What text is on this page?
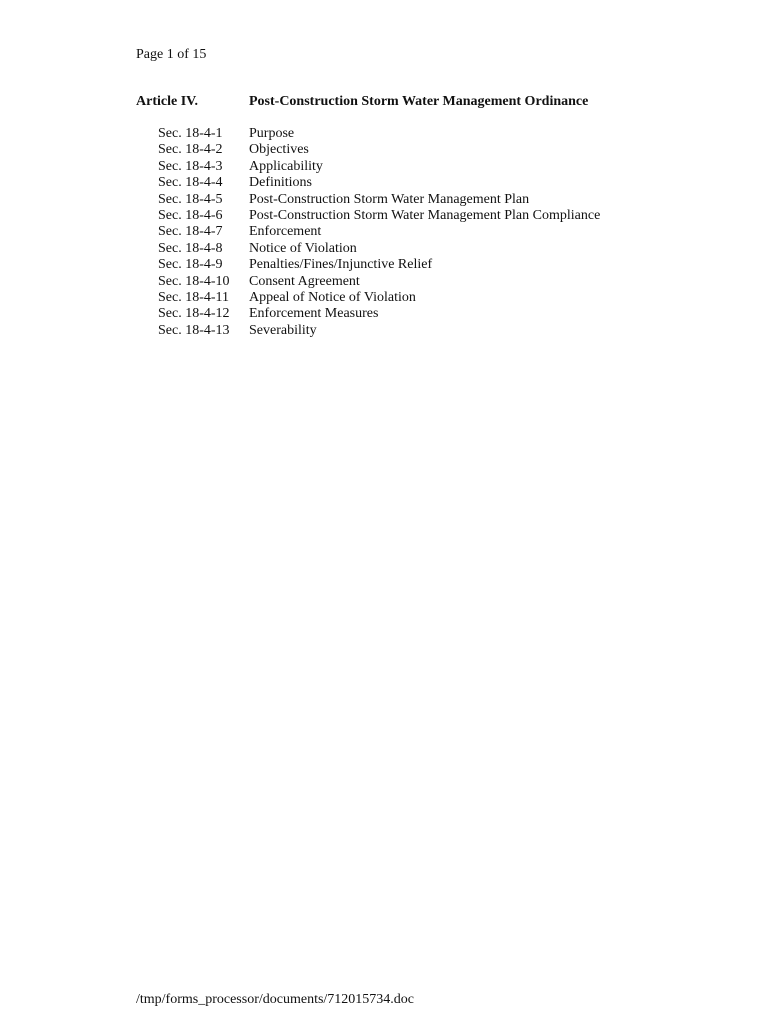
Page 1 of 15
Article IV.	Post-Construction Storm Water Management Ordinance
Sec. 18-4-1 Purpose
Sec. 18-4-2 Objectives
Sec. 18-4-3 Applicability
Sec. 18-4-4 Definitions
Sec. 18-4-5 Post-Construction Storm Water Management Plan
Sec. 18-4-6 Post-Construction Storm Water Management Plan Compliance
Sec. 18-4-7 Enforcement
Sec. 18-4-8 Notice of Violation
Sec. 18-4-9 Penalties/Fines/Injunctive Relief
Sec. 18-4-10 Consent Agreement
Sec. 18-4-11 Appeal of Notice of Violation
Sec. 18-4-12 Enforcement Measures
Sec. 18-4-13 Severability
/tmp/forms_processor/documents/712015734.doc
